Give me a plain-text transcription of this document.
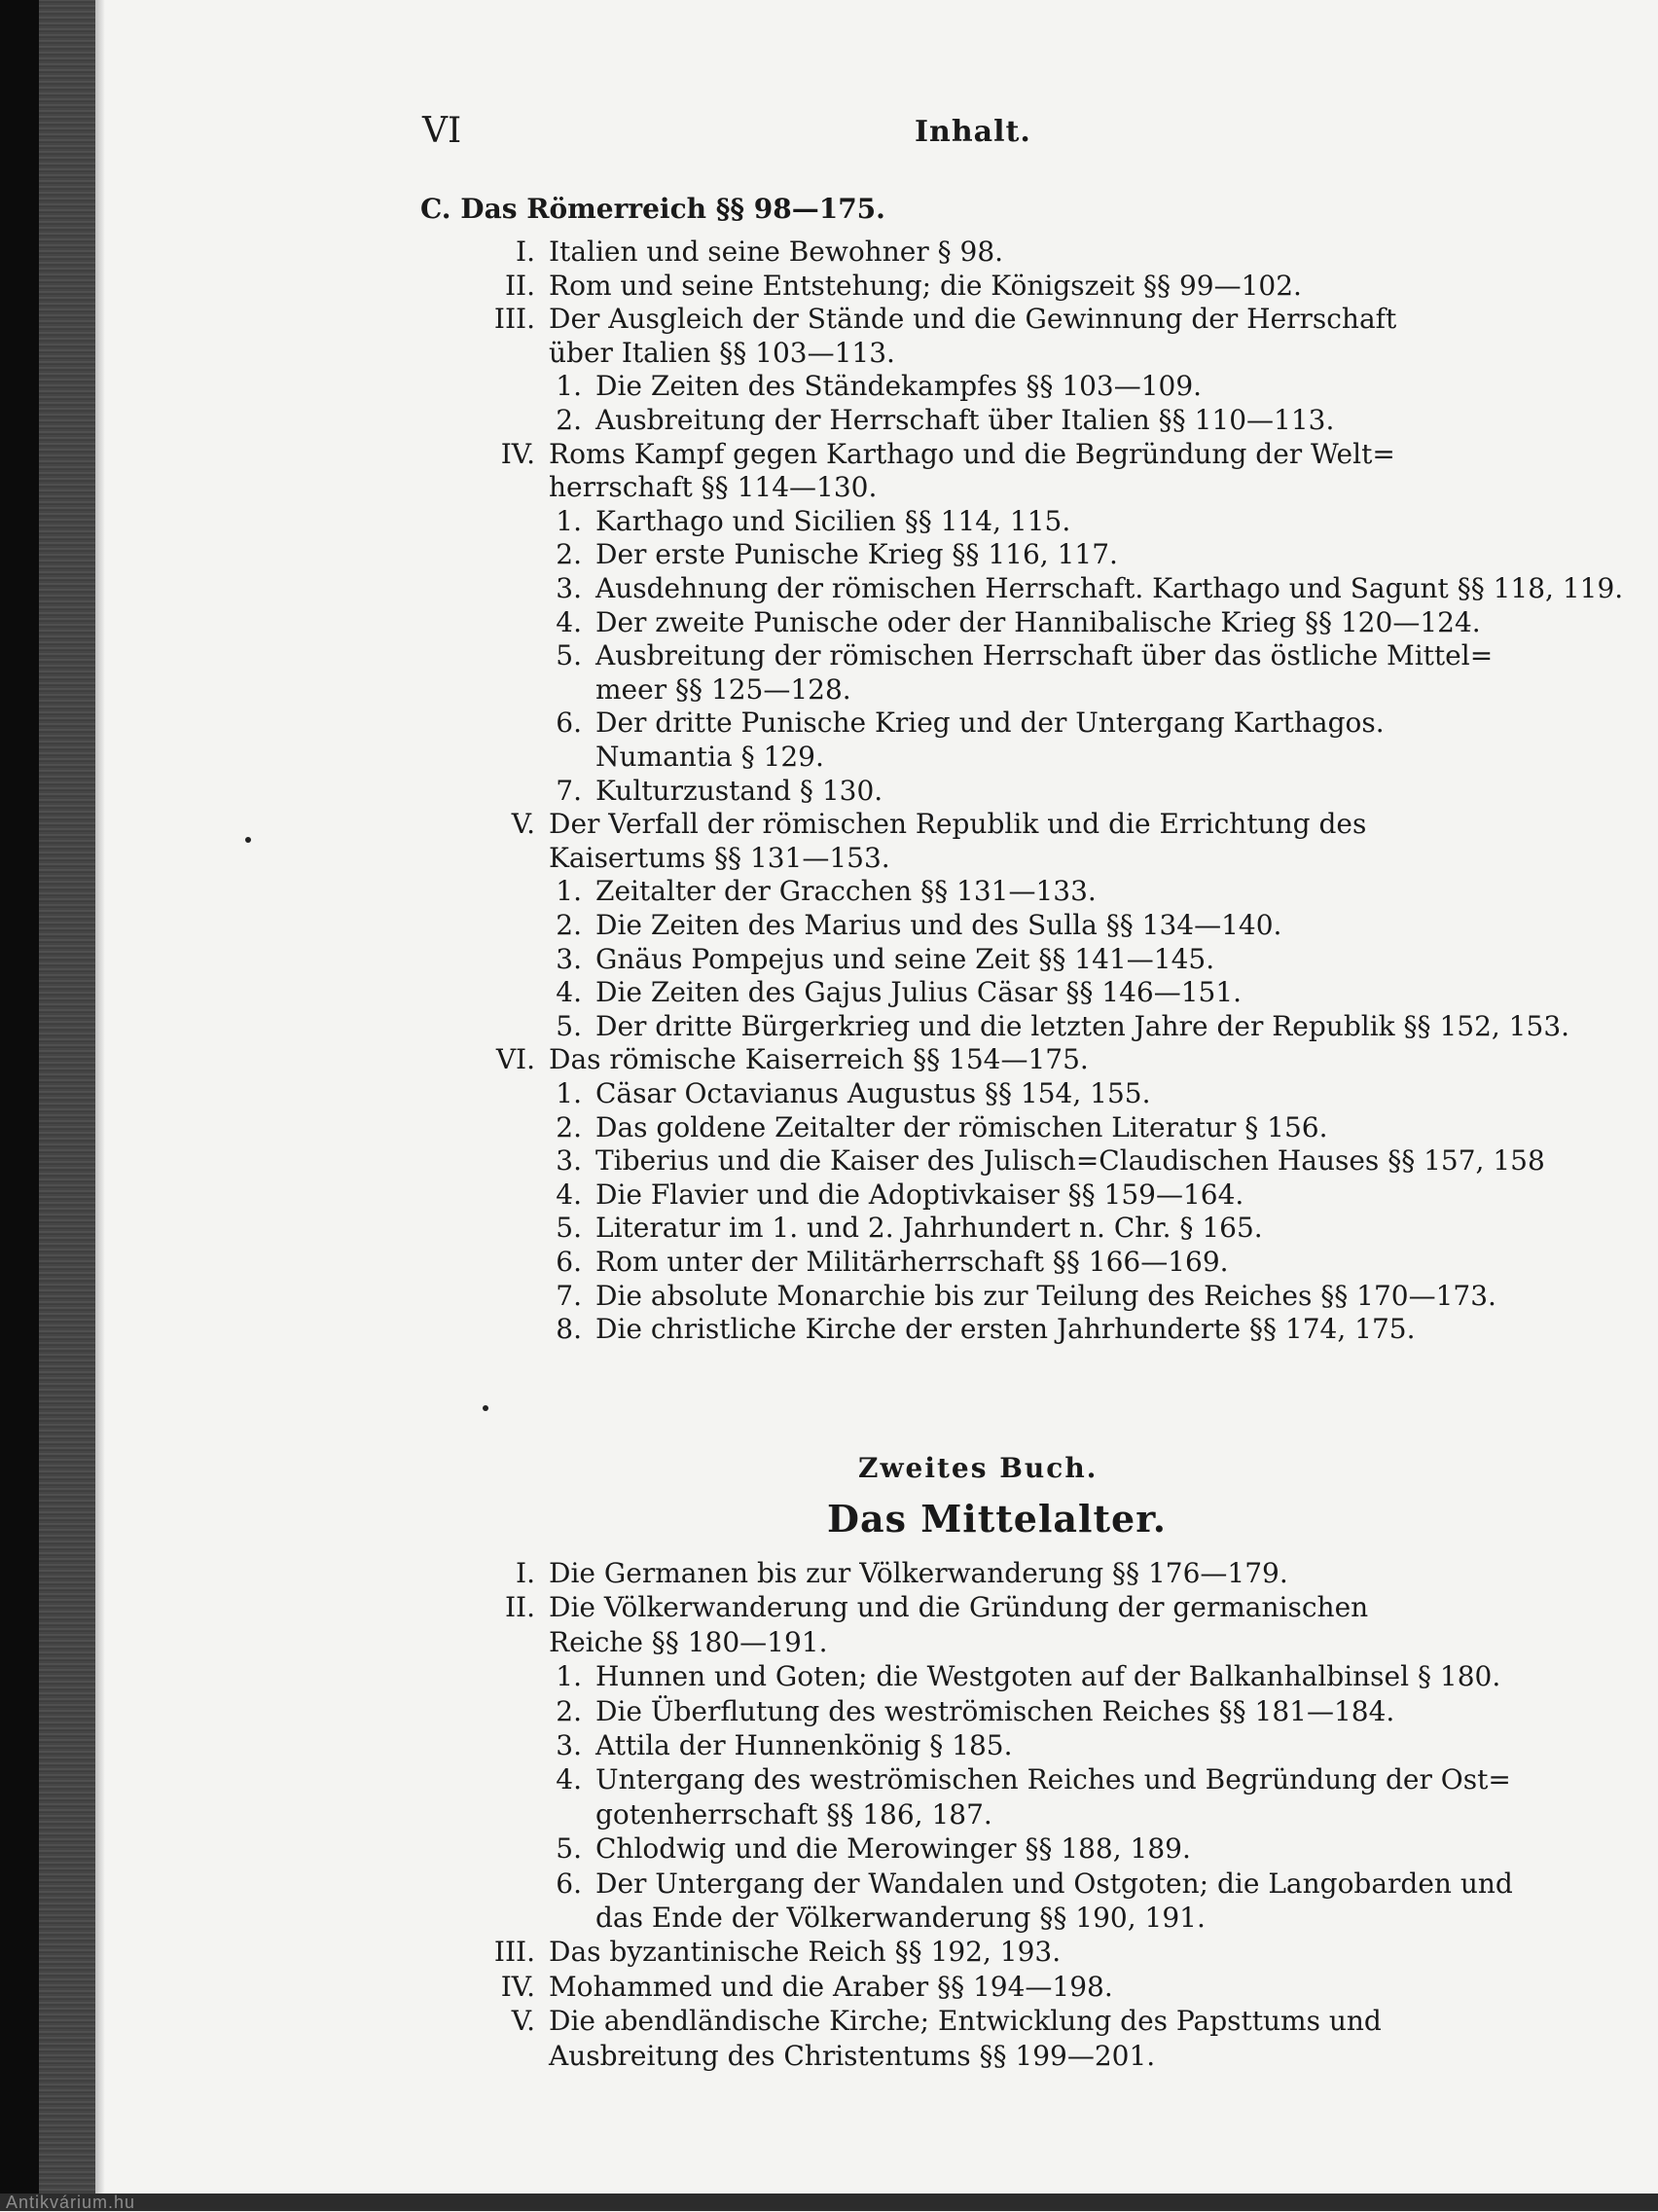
VI	Inhalt.
C. Das Römerreich §§ 98—175.
I. Italien und seine Bewohner § 98.
II. Rom und seine Entstehung; die Königszeit §§ 99—102.
III. Der Ausgleich der Stände und die Gewinnung der Herrschaft
über Italien §§ 103—113.
1. Die Zeiten des Ständekampfes §§ 103—109.
2. Ausbreitung der Herrschaft über Italien §§ 110—113.
IV. Roms Kampf gegen Karthago und die Begründung der Welt=
herrschaft §§ 114—130.
1. Karthago und Sicilien §§ 114, 115.
2. Der erste Punische Krieg §§ 116, 117.
3. Ausdehnung der römischen Herrschaft. Karthago und Sagunt §§ 118, 119.
4. Der zweite Punische oder der Hannibalische Krieg §§ 120—124.
5. Ausbreitung der römischen Herrschaft über das östliche Mittel=
meer §§ 125—128.
6. Der dritte Punische Krieg und der Untergang Karthagos.
Numantia § 129.
7. Kulturzustand § 130.
V. Der Verfall der römischen Republik und die Errichtung des
Kaisertums §§ 131—153.
1. Zeitalter der Gracchen §§ 131—133.
2. Die Zeiten des Marius und des Sulla §§ 134—140.
3. Gnäus Pompejus und seine Zeit §§ 141—145.
4. Die Zeiten des Gajus Julius Cäsar §§ 146—151.
5. Der dritte Bürgerkrieg und die letzten Jahre der Republik §§ 152, 153.
VI. Das römische Kaiserreich §§ 154—175.
1. Cäsar Octavianus Augustus §§ 154, 155.
2. Das goldene Zeitalter der römischen Literatur § 156.
3. Tiberius und die Kaiser des Julisch=Claudischen Hauses §§ 157, 158
4. Die Flavier und die Adoptivkaiser §§ 159—164.
5. Literatur im 1. und 2. Jahrhundert n. Chr. § 165.
6. Rom unter der Militärherrschaft §§ 166—169.
7. Die absolute Monarchie bis zur Teilung des Reiches §§ 170—173.
8. Die christliche Kirche der ersten Jahrhunderte §§ 174, 175.
Zweites Buch.
Das Mittelalter.
I. Die Germanen bis zur Völkerwanderung §§ 176—179.
II. Die Völkerwanderung und die Gründung der germanischen
Reiche §§ 180—191.
1. Hunnen und Goten; die Westgoten auf der Balkanhalbinsel § 180.
2. Die Überflutung des weströmischen Reiches §§ 181—184.
3. Attila der Hunnenkönig § 185.
4. Untergang des weströmischen Reiches und Begründung der Ost=
gotenherrschaft §§ 186, 187.
5. Chlodwig und die Merowinger §§ 188, 189.
6. Der Untergang der Wandalen und Ostgoten; die Langobarden und
das Ende der Völkerwanderung §§ 190, 191.
III. Das byzantinische Reich §§ 192, 193.
IV. Mohammed und die Araber §§ 194—198.
V. Die abendländische Kirche; Entwicklung des Papsttums und
Ausbreitung des Christentums §§ 199—201.
Antikvárium.hu
